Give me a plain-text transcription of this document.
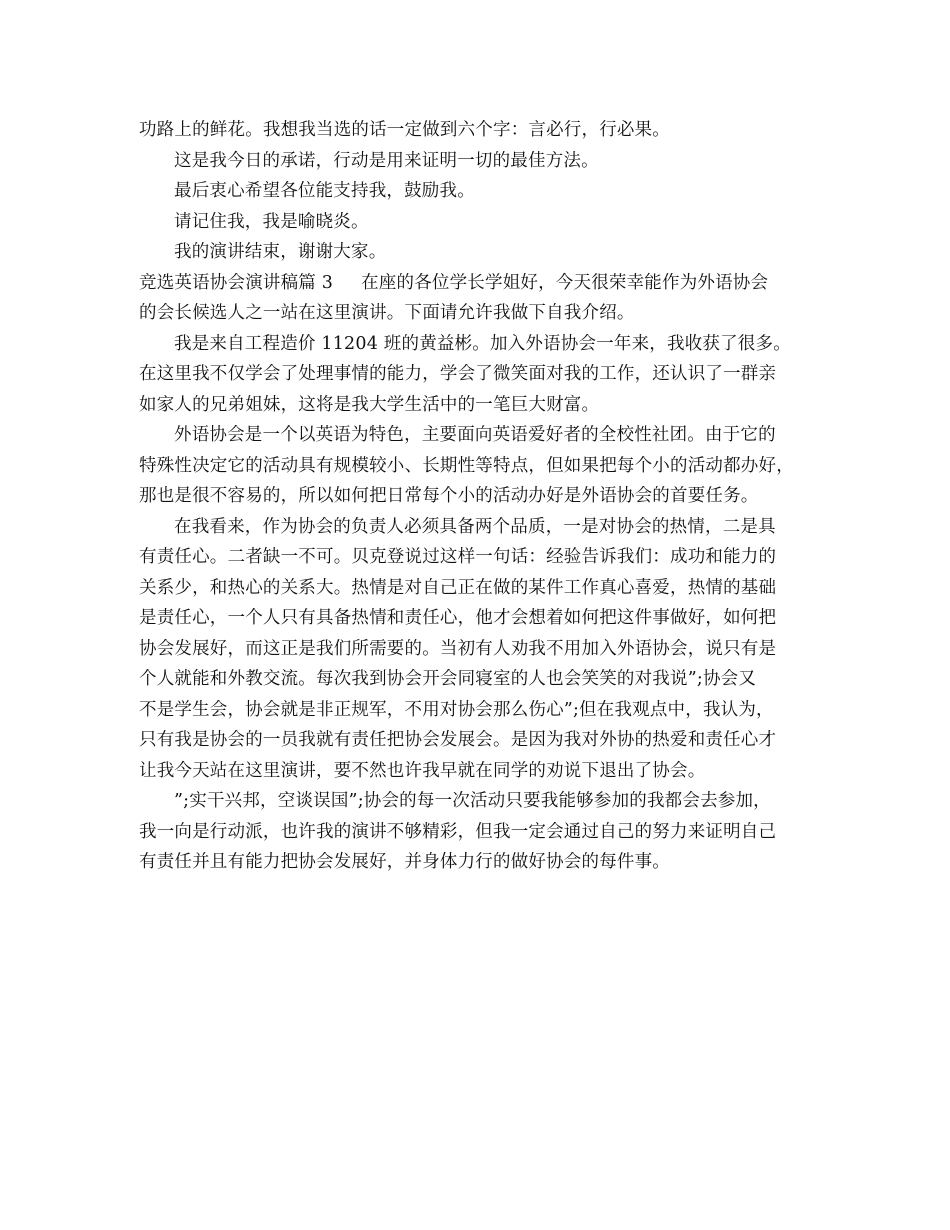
功路上的鲜花。我想我当选的话一定做到六个字：言必行，行必果。
这是我今日的承诺，行动是用来证明一切的最佳方法。
最后衷心希望各位能支持我，鼓励我。
请记住我，我是喻晓炎。
我的演讲结束，谢谢大家。
竞选英语协会演讲稿篇 3 在座的各位学长学姐好，今天很荣幸能作为外语协会
的会长候选人之一站在这里演讲。下面请允许我做下自我介绍。
我是来自工程造价 11204 班的黄益彬。加入外语协会一年来，我收获了很多。
在这里我不仅学会了处理事情的能力，学会了微笑面对我的工作，还认识了一群亲
如家人的兄弟姐妹，这将是我大学生活中的一笔巨大财富。
外语协会是一个以英语为特色，主要面向英语爱好者的全校性社团。由于它的
特殊性决定它的活动具有规模较小、长期性等特点，但如果把每个小的活动都办好，
那也是很不容易的，所以如何把日常每个小的活动办好是外语协会的首要任务。
在我看来，作为协会的负责人必须具备两个品质，一是对协会的热情，二是具
有责任心。二者缺一不可。贝克登说过这样一句话：经验告诉我们：成功和能力的
关系少，和热心的关系大。热情是对自己正在做的某件工作真心喜爱，热情的基础
是责任心，一个人只有具备热情和责任心，他才会想着如何把这件事做好，如何把
协会发展好，而这正是我们所需要的。当初有人劝我不用加入外语协会，说只有是
个人就能和外教交流。每次我到协会开会同寝室的人也会笑笑的对我说”;协会又
不是学生会，协会就是非正规军，不用对协会那么伤心”;但在我观点中，我认为，
只有我是协会的一员我就有责任把协会发展会。是因为我对外协的热爱和责任心才
让我今天站在这里演讲，要不然也许我早就在同学的劝说下退出了协会。
”;实干兴邦，空谈误国”;协会的每一次活动只要我能够参加的我都会去参加，
我一向是行动派，也许我的演讲不够精彩，但我一定会通过自己的努力来证明自己
有责任并且有能力把协会发展好，并身体力行的做好协会的每件事。
